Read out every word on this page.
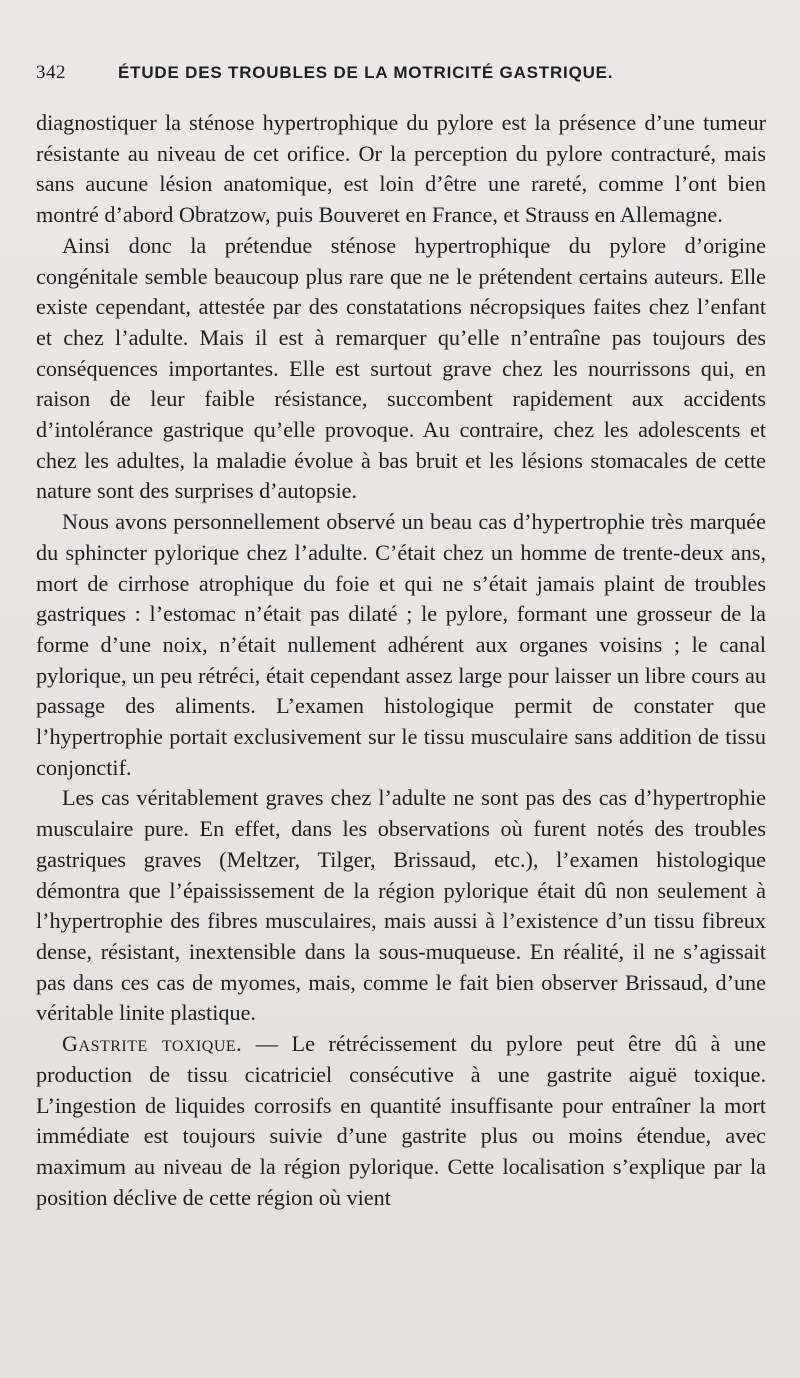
342	ÉTUDE DES TROUBLES DE LA MOTRICITÉ GASTRIQUE.

diagnostiquer la sténose hypertrophique du pylore est la présence d’une tumeur résistante au niveau de cet orifice. Or la perception du pylore contracturé, mais sans aucune lésion anatomique, est loin d’être une rareté, comme l’ont bien montré d’abord Obratzow, puis Bouveret en France, et Strauss en Allemagne.

Ainsi donc la prétendue sténose hypertrophique du pylore d’origine congénitale semble beaucoup plus rare que ne le prétendent certains auteurs. Elle existe cependant, attestée par des constatations nécropsiques faites chez l’enfant et chez l’adulte. Mais il est à remarquer qu’elle n’entraîne pas toujours des conséquences importantes. Elle est surtout grave chez les nourrissons qui, en raison de leur faible résistance, succombent rapidement aux accidents d’intolérance gastrique qu’elle provoque. Au contraire, chez les adolescents et chez les adultes, la maladie évolue à bas bruit et les lésions stomacales de cette nature sont des surprises d’autopsie.

Nous avons personnellement observé un beau cas d’hypertrophie très marquée du sphincter pylorique chez l’adulte. C’était chez un homme de trente-deux ans, mort de cirrhose atrophique du foie et qui ne s’était jamais plaint de troubles gastriques : l’estomac n’était pas dilaté ; le pylore, formant une grosseur de la forme d’une noix, n’était nullement adhérent aux organes voisins ; le canal pylorique, un peu rétréci, était cependant assez large pour laisser un libre cours au passage des aliments. L’examen histologique permit de constater que l’hypertrophie portait exclusivement sur le tissu musculaire sans addition de tissu conjonctif.

Les cas véritablement graves chez l’adulte ne sont pas des cas d’hypertrophie musculaire pure. En effet, dans les observations où furent notés des troubles gastriques graves (Meltzer, Tilger, Brissaud, etc.), l’examen histologique démontra que l’épaississement de la région pylorique était dû non seulement à l’hypertrophie des fibres musculaires, mais aussi à l’existence d’un tissu fibreux dense, résistant, inextensible dans la sous-muqueuse. En réalité, il ne s’agissait pas dans ces cas de myomes, mais, comme le fait bien observer Brissaud, d’une véritable linite plastique.

Gastrite toxique. — Le rétrécissement du pylore peut être dû à une production de tissu cicatriciel consécutive à une gastrite aiguë toxique. L’ingestion de liquides corrosifs en quantité insuffisante pour entraîner la mort immédiate est toujours suivie d’une gastrite plus ou moins étendue, avec maximum au niveau de la région pylorique. Cette localisation s’explique par la position déclive de cette région où vient
